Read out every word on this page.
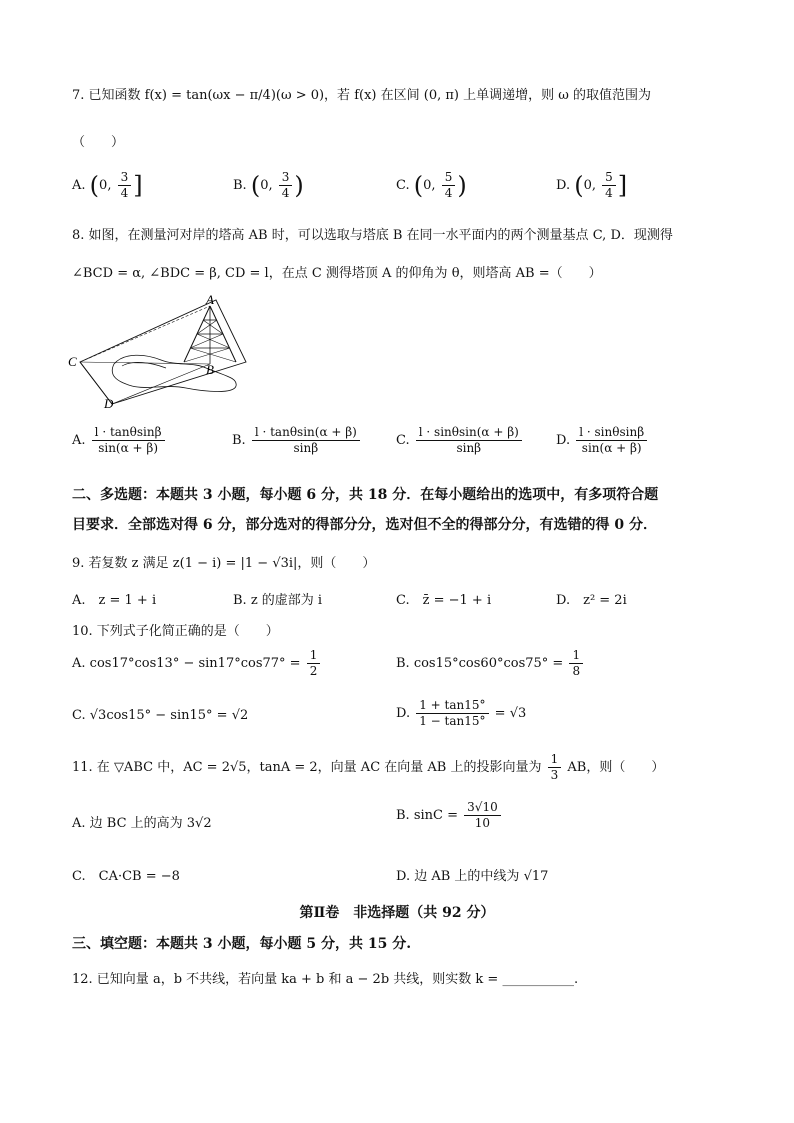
7. 已知函数 f(x) = tan(ωx − π/4)(ω > 0)，若 f(x) 在区间 (0, π) 上单调递增，则 ω 的取值范围为
（　　）
A. (0, $\frac{3}{4}$ ]	B. (0, $\frac{3}{4}$ )	C. (0, $\frac{5}{4}$ )	D. (0, $\frac{5}{4}$ ]
8. 如图，在测量河对岸的塔高 AB 时，可以选取与塔底 B 在同一水平面内的两个测量基点 C, D．现测得
∠BCD = α, ∠BDC = β, CD = l，在点 C 测得塔顶 A 的仰角为 θ，则塔高 AB =（　　）
A
B
C
D
A. $\frac{l \cdot \tan\theta\sin\beta}{\sin(\alpha + \beta)}$	B. $\frac{l \cdot \tan\theta\sin(\alpha + \beta)}{\sin\beta}$	C. $\frac{l \cdot \sin\theta\sin(\alpha + \beta)}{\sin\beta}$	D. $\frac{l \cdot \sin\theta\sin\beta}{\sin(\alpha + \beta)}$
二、多选题：本题共 3 小题，每小题 6 分，共 18 分．在每小题给出的选项中，有多项符合题
目要求．全部选对得 6 分，部分选对的得部分分，选对但不全的得部分分，有选错的得 0 分．
9. 若复数 z 满足 z(1 − i) = |1 − √3i|，则（　　）
A.　z = 1 + i	B. z 的虚部为 i	C.　z̄ = −1 + i	D.　z² = 2i
10. 下列式子化简正确的是（　　）
A. $\cos 17^\circ\cos 13^\circ - \sin 17^\circ\cos 77^\circ = \frac{1}{2}$	B. $\cos 15^\circ\cos 60^\circ\cos 75^\circ = \frac{1}{8}$
C. √3cos15° − sin15° = √2	D. $\frac{1 + \tan 15^\circ}{1 - \tan 15^\circ} = √3$
11. 在 ▽ABC 中，AC = 2√5，tanA = 2，向量 AC 在向量 AB 上的投影向量为 $\frac{1}{3}$ AB，则（　　）
A. 边 BC 上的高为 3√2
B. $\sin C = \frac{3√10}{10}$
C.　CA·CB = −8	D. 边 AB 上的中线为 √17
第Ⅱ卷　非选择题（共 92 分）
三、填空题：本题共 3 小题，每小题 5 分，共 15 分.
12. 已知向量 a，b 不共线，若向量 ka + b 和 a − 2b 共线，则实数 k = ___________.
